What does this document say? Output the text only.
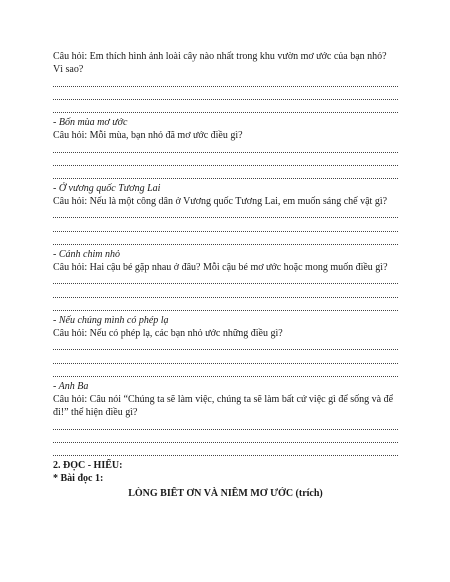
Câu hỏi: Em thích hình ảnh loài cây nào nhất trong khu vườn mơ ước của bạn nhỏ? Vì sao?
- Bốn mùa mơ ước
Câu hỏi: Mỗi mùa, bạn nhỏ đã mơ ước điều gì?
- Ở vương quốc Tương Lai
Câu hỏi: Nếu là một công dân ở Vương quốc Tương Lai, em muốn sáng chế vật gì?
- Cánh chim nhỏ
Câu hỏi: Hai cậu bé gặp nhau ở đâu? Mỗi cậu bé mơ ước hoặc mong muốn điều gì?
- Nếu chúng mình có phép lạ
Câu hỏi: Nếu có phép lạ, các bạn nhỏ ước những điều gì?
- Anh Ba
Câu hỏi: Câu nói “Chúng ta sẽ làm việc, chúng ta sẽ làm bất cứ việc gì để sống và để đi!” thể hiện điều gì?
2. ĐỌC - HIỂU:
* Bài đọc 1:
LÒNG BIẾT ƠN VÀ NIỀM MƠ ƯỚC (trích)
